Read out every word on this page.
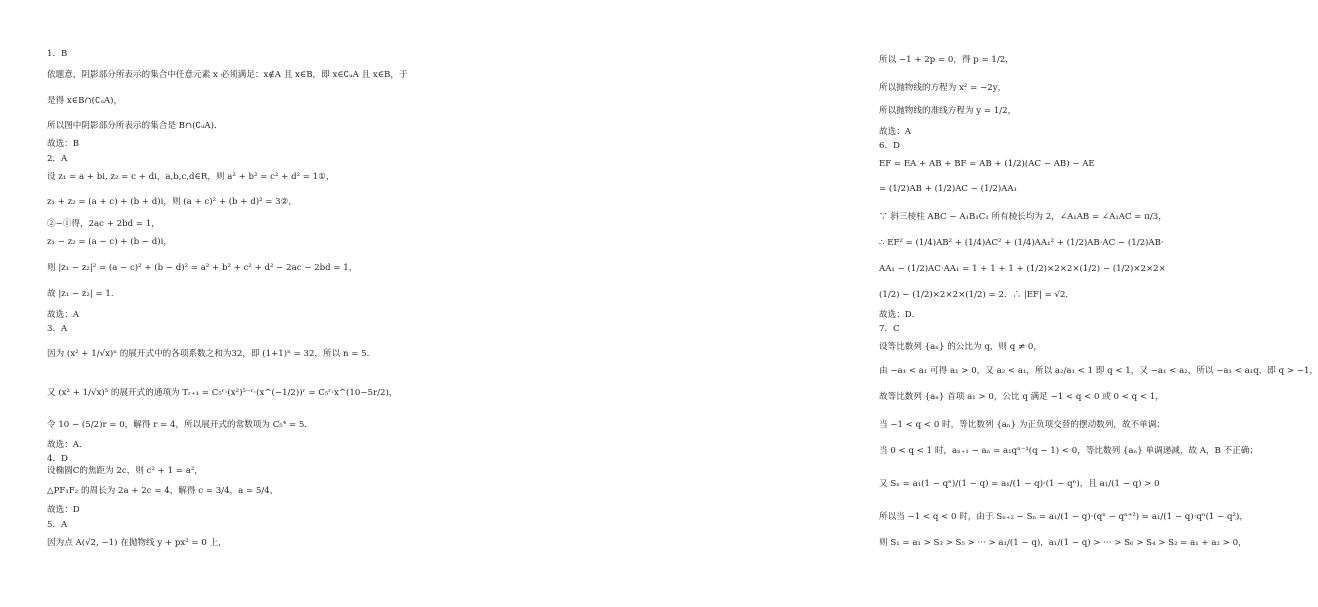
1．B
依题意，阴影部分所表示的集合中任意元素 x 必须满足：x∉A 且 x∈B，即 x∈∁ᵤA 且 x∈B，于
是得 x∈B∩(∁ᵤA)，
所以图中阴影部分所表示的集合是 B∩(∁ᵤA)．
故选：B
2．A
设 z₁ = a + bi, z₂ = c + di，a,b,c,d∈R，则 a² + b² = c² + d² = 1①，
z₁ + z₂ = (a + c) + (b + d)i，则 (a + c)² + (b + d)² = 3②，
②−①得，2ac + 2bd = 1，
z₁ − z₂ = (a − c) + (b − d)i，
则 |z₁ − z₂|² = (a − c)² + (b − d)² = a² + b² + c² + d² − 2ac − 2bd = 1，
故 |z₁ − z₂| = 1．
故选：A
3．A
因为 (x² + 1/√x)ⁿ 的展开式中的各项系数之和为32，即 (1+1)ⁿ = 32，所以 n = 5．
又 (x² + 1/√x)⁵ 的展开式的通项为 Tᵣ₊₁ = C₅ʳ·(x²)⁵⁻ʳ·(x^(−1/2))ʳ = C₅ʳ·x^(10−5r/2)，
令 10 − (5/2)r = 0，解得 r = 4，所以展开式的常数项为 C₅⁴ = 5．
故选：A．
4．D
设椭圆C的焦距为 2c，则 c² + 1 = a²，
△PF₁F₂ 的周长为 2a + 2c = 4，解得 c = 3/4，a = 5/4，
故选：D
5．A
因为点 A(√2, −1) 在抛物线 y + px² = 0 上，
所以 −1 + 2p = 0，得 p = 1/2，
所以抛物线的方程为 x² = −2y，
所以抛物线的准线方程为 y = 1/2，
故选：A
6．D
EF = EA + AB + BF = AB + (1/2)(AC − AB) − AE
= (1/2)AB + (1/2)AC − (1/2)AA₁
∵ 斜三棱柱 ABC − A₁B₁C₁ 所有棱长均为 2，∠A₁AB = ∠A₁AC = π/3，
∴ EF² = (1/4)AB² + (1/4)AC² + (1/4)AA₁² + (1/2)AB·AC − (1/2)AB·
AA₁ − (1/2)AC·AA₁ = 1 + 1 + 1 + (1/2)×2×2×(1/2) − (1/2)×2×2×
(1/2) − (1/2)×2×2×(1/2) = 2．∴ |EF| = √2．
故选：D．
7．C
设等比数列 {aₙ} 的公比为 q，则 q ≠ 0，
由 −a₁ < a₁ 可得 a₁ > 0，又 a₂ < a₁，所以 a₂/a₁ < 1 即 q < 1，又 −a₁ < a₂，所以 −a₁ < a₁q，即 q > −1，
故等比数列 {aₙ} 首项 a₁ > 0，公比 q 满足 −1 < q < 0 或 0 < q < 1，
当 −1 < q < 0 时，等比数列 {aₙ} 为正负项交替的摆动数列，故不单调；
当 0 < q < 1 时，aₙ₊₁ − aₙ = a₁qⁿ⁻¹(q − 1) < 0，等比数列 {aₙ} 单调递减，故 A，B 不正确；
又 Sₙ = a₁(1 − qⁿ)/(1 − q) = a₁/(1 − q)·(1 − qⁿ)，且 a₁/(1 − q) > 0
所以当 −1 < q < 0 时，由于 Sₙ₊₂ − Sₙ = a₁/(1 − q)·(qⁿ − qⁿ⁺²) = a₁/(1 − q)·qⁿ(1 − q²)，
则 S₁ = a₁ > S₃ > S₅ > ··· > a₁/(1 − q)，a₁/(1 − q) > ··· > S₆ > S₄ > S₂ = a₁ + a₂ > 0，
